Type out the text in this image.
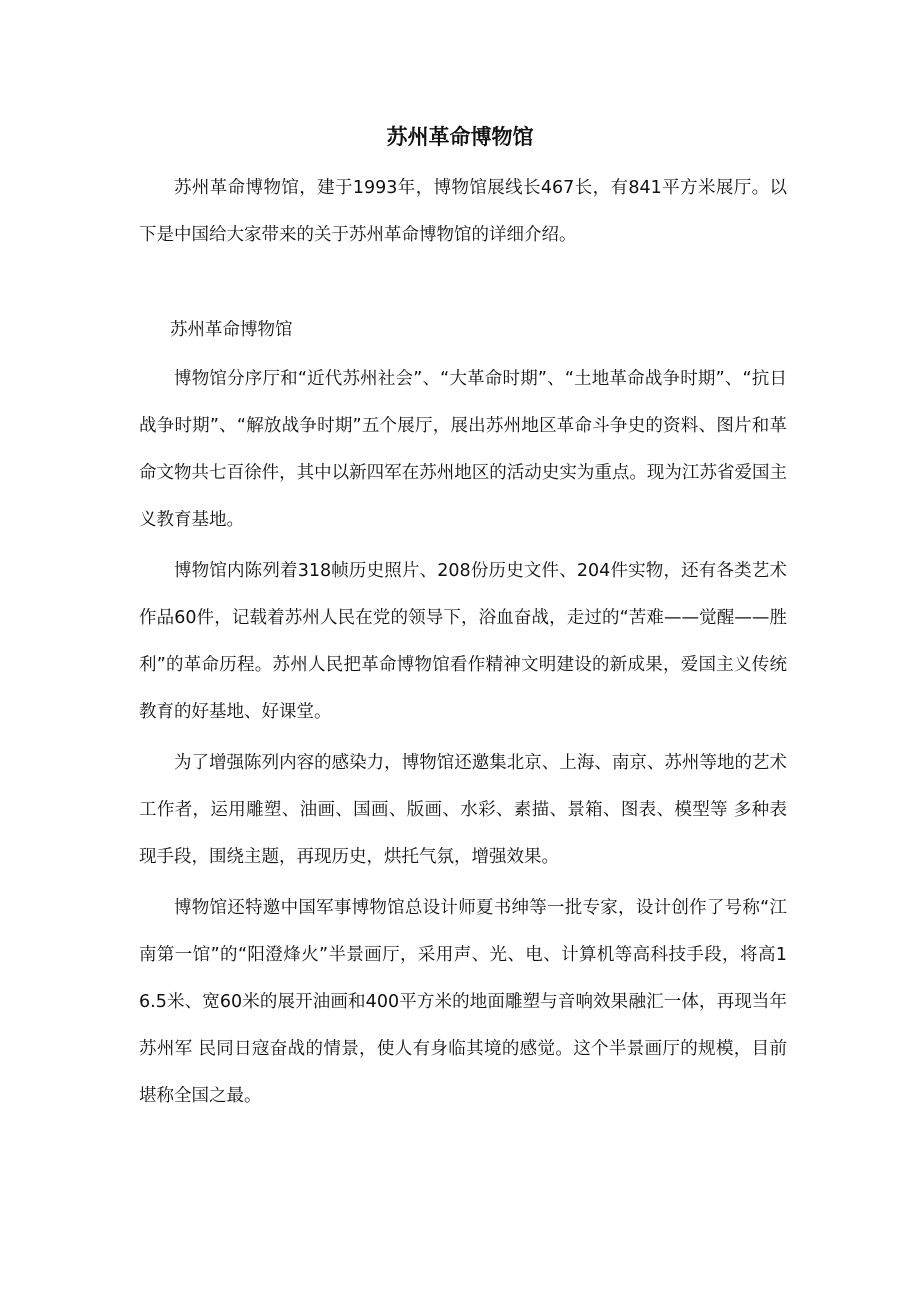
苏州革命博物馆

苏州革命博物馆，建于1993年，博物馆展线长467长，有841平方米展厅。以下是中国给大家带来的关于苏州革命博物馆的详细介绍。

苏州革命博物馆

博物馆分序厅和“近代苏州社会”、“大革命时期”、“土地革命战争时期”、“抗日战争时期”、“解放战争时期”五个展厅，展出苏州地区革命斗争史的资料、图片和革命文物共七百徐件，其中以新四军在苏州地区的活动史实为重点。现为江苏省爱国主义教育基地。

博物馆内陈列着318帧历史照片、208份历史文件、204件实物，还有各类艺术作品60件，记载着苏州人民在党的领导下，浴血奋战，走过的“苦难——觉醒——胜利”的革命历程。苏州人民把革命博物馆看作精神文明建设的新成果，爱国主义传统教育的好基地、好课堂。

为了增强陈列内容的感染力，博物馆还邀集北京、上海、南京、苏州等地的艺术工作者，运用雕塑、油画、国画、版画、水彩、素描、景箱、图表、模型等 多种表现手段，围绕主题，再现历史，烘托气氛，增强效果。

博物馆还特邀中国军事博物馆总设计师夏书绅等一批专家，设计创作了号称“江南第一馆”的“阳澄烽火”半景画厅，采用声、光、电、计算机等高科技手段，将高16.5米、宽60米的展开油画和400平方米的地面雕塑与音响效果融汇一体，再现当年苏州军 民同日寇奋战的情景，使人有身临其境的感觉。这个半景画厅的规模，目前堪称全国之最。
